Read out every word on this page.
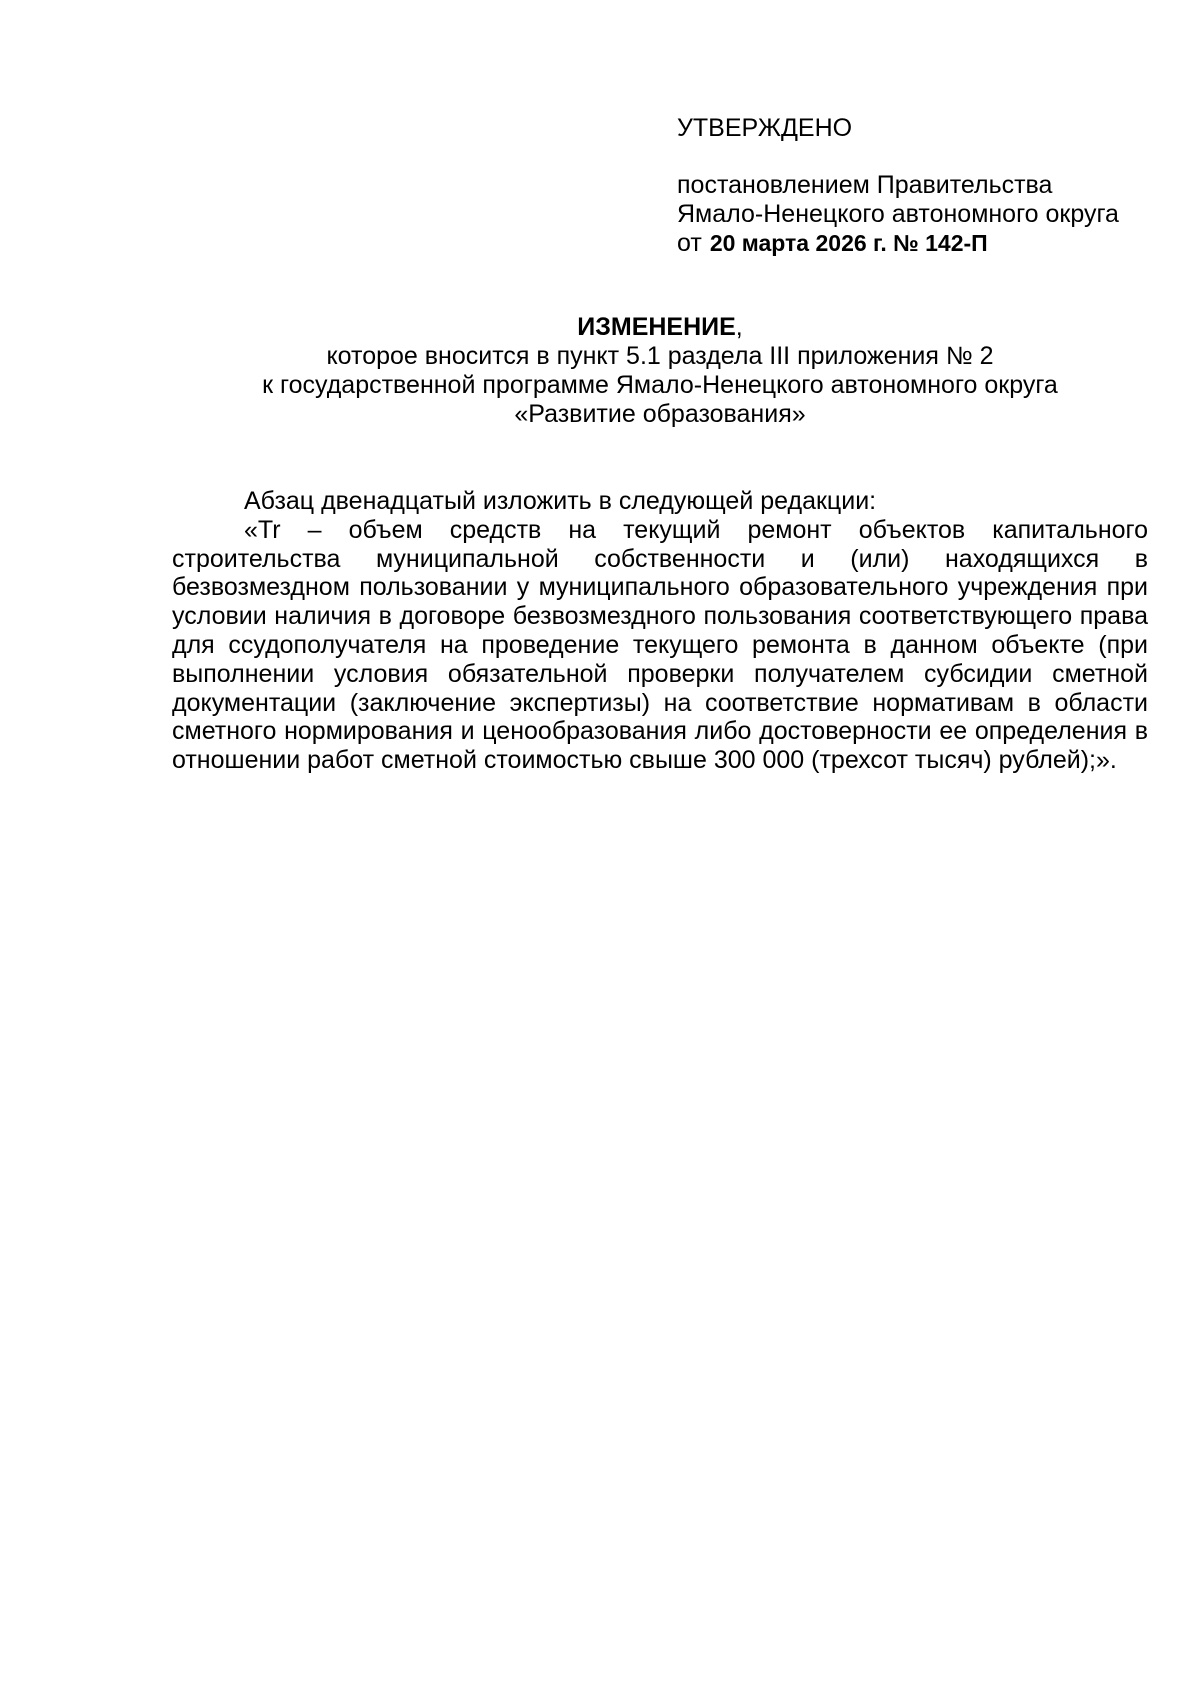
УТВЕРЖДЕНО

постановлением Правительства

Ямало-Ненецкого автономного округа

от 20 марта 2026 г. № 142-П

ИЗМЕНЕНИЕ,

которое вносится в пункт 5.1 раздела III приложения № 2

к государственной программе Ямало-Ненецкого автономного округа

«Развитие образования»

Абзац двенадцатый изложить в следующей редакции:

«Tr – объем средств на текущий ремонт объектов капитального строительства муниципальной собственности и (или) находящихся в безвозмездном пользовании у муниципального образовательного учреждения при условии наличия в договоре безвозмездного пользования соответствующего права для ссудополучателя на проведение текущего ремонта в данном объекте (при выполнении условия обязательной проверки получателем субсидии сметной документации (заключение экспертизы) на соответствие нормативам в области сметного нормирования и ценообразования либо достоверности ее определения в отношении работ сметной стоимостью свыше 300 000 (трехсот тысяч) рублей);».
